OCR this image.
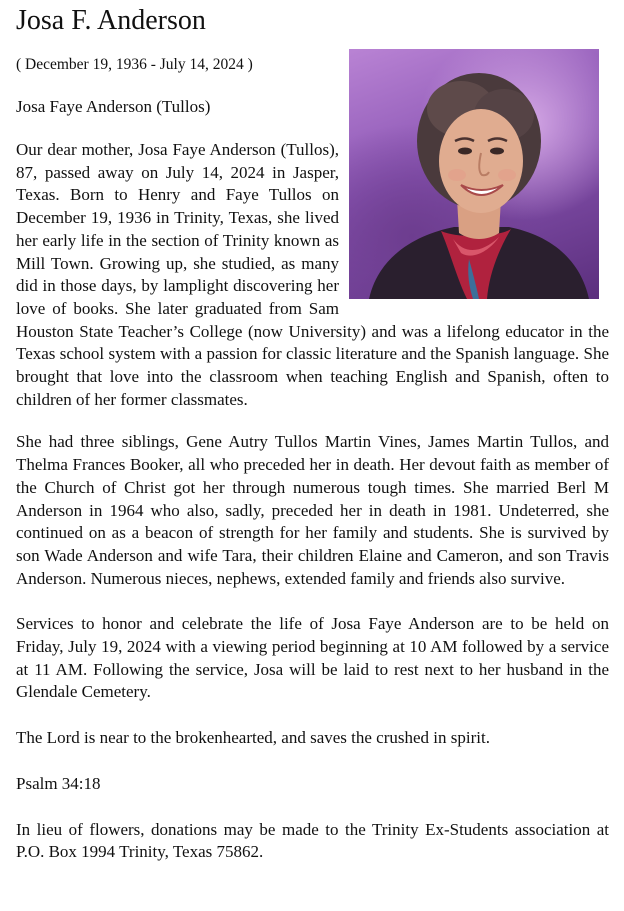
Josa F. Anderson
( December 19, 1936 - July 14, 2024 )
Josa Faye Anderson (Tullos)

Our dear mother, Josa Faye Anderson (Tullos), 87, passed away on July 14, 2024 in Jasper, Texas. Born to Henry and Faye Tullos on December 19, 1936 in Trinity, Texas, she lived her early life in the section of Trinity known as Mill Town. Growing up, she studied, as many did in those days, by lamplight discovering her love of books. She later graduated from Sam Houston State Teacher’s College (now University) and was a lifelong educator in the Texas school system with a passion for classic literature and the Spanish language. She brought that love into the classroom when teaching English and Spanish, often to children of her former classmates.

She had three siblings, Gene Autry Tullos Martin Vines, James Martin Tullos, and Thelma Frances Booker, all who preceded her in death. Her devout faith as member of the Church of Christ got her through numerous tough times. She married Berl M Anderson in 1964 who also, sadly, preceded her in death in 1981. Undeterred, she continued on as a beacon of strength for her family and students. She is survived by son Wade Anderson and wife Tara, their children Elaine and Cameron, and son Travis Anderson. Numerous nieces, nephews, extended family and friends also survive.

Services to honor and celebrate the life of Josa Faye Anderson are to be held on Friday, July 19, 2024 with a viewing period beginning at 10 AM followed by a service at 11 AM. Following the service, Josa will be laid to rest next to her husband in the Glendale Cemetery.

The Lord is near to the brokenhearted, and saves the crushed in spirit.

Psalm 34:18

In lieu of flowers, donations may be made to the Trinity Ex-Students association at P.O. Box 1994 Trinity, Texas 75862.
